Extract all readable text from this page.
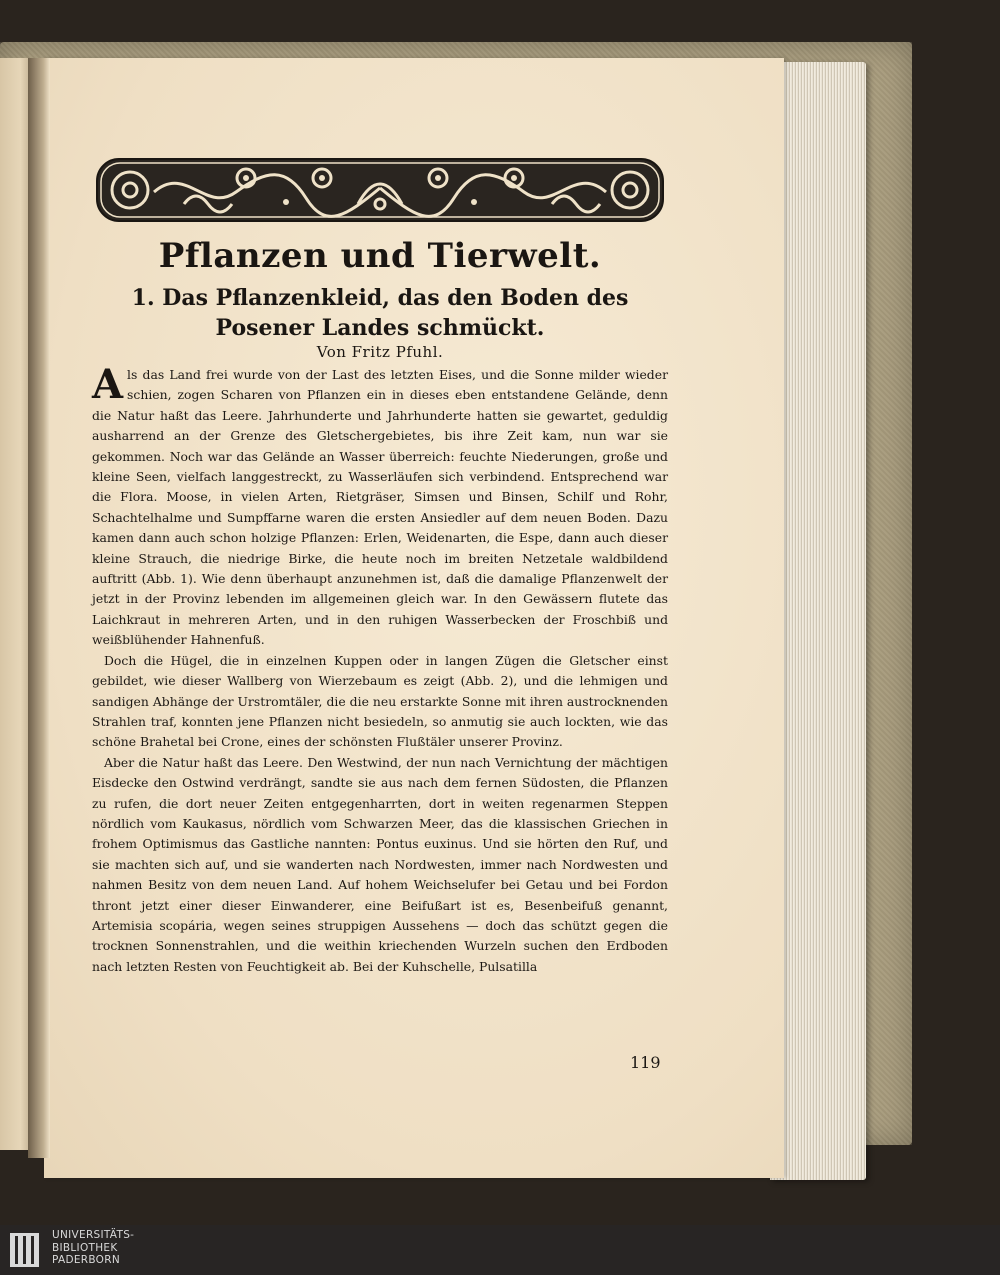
Pflanzen und Tierwelt.
1. Das Pflanzenkleid, das den Boden des
Posener Landes schmückt.
Von Fritz Pfuhl.

Als das Land frei wurde von der Last des letzten Eises, und die Sonne milder wieder schien, zogen Scharen von Pflanzen ein in dieses eben entstandene Gelände, denn die Natur haßt das Leere. Jahrhunderte und Jahrhunderte hatten sie gewartet, geduldig ausharrend an der Grenze des Gletschergebietes, bis ihre Zeit kam, nun war sie gekommen. Noch war das Gelände an Wasser überreich: feuchte Niederungen, große und kleine Seen, vielfach langgestreckt, zu Wasserläufen sich verbindend. Entsprechend war die Flora. Moose, in vielen Arten, Rietgräser, Simsen und Binsen, Schilf und Rohr, Schachtelhalme und Sumpffarne waren die ersten Ansiedler auf dem neuen Boden. Dazu kamen dann auch schon holzige Pflanzen: Erlen, Weidenarten, die Espe, dann auch dieser kleine Strauch, die niedrige Birke, die heute noch im breiten Netzetale waldbildend auftritt (Abb. 1). Wie denn überhaupt anzunehmen ist, daß die damalige Pflanzenwelt der jetzt in der Provinz lebenden im allgemeinen gleich war. In den Gewässern flutete das Laichkraut in mehreren Arten, und in den ruhigen Wasserbecken der Froschbiß und weißblühender Hahnenfuß.

Doch die Hügel, die in einzelnen Kuppen oder in langen Zügen die Gletscher einst gebildet, wie dieser Wallberg von Wierzebaum es zeigt (Abb. 2), und die lehmigen und sandigen Abhänge der Urstromtäler, die die neu erstarkte Sonne mit ihren austrocknenden Strahlen traf, konnten jene Pflanzen nicht besiedeln, so anmutig sie auch lockten, wie das schöne Brahetal bei Crone, eines der schönsten Flußtäler unserer Provinz.

Aber die Natur haßt das Leere. Den Westwind, der nun nach Vernichtung der mächtigen Eisdecke den Ostwind verdrängt, sandte sie aus nach dem fernen Südosten, die Pflanzen zu rufen, die dort neuer Zeiten entgegenharrten, dort in weiten regenarmen Steppen nördlich vom Kaukasus, nördlich vom Schwarzen Meer, das die klassischen Griechen in frohem Optimismus das Gastliche nannten: Pontus euxinus. Und sie hörten den Ruf, und sie machten sich auf, und sie wanderten nach Nordwesten, immer nach Nordwesten und nahmen Besitz von dem neuen Land. Auf hohem Weichselufer bei Getau und bei Fordon thront jetzt einer dieser Einwanderer, eine Beifußart ist es, Besenbeifuß genannt, Artemisia scopária, wegen seines struppigen Aussehens — doch das schützt gegen die trocknen Sonnenstrahlen, und die weithin kriechenden Wurzeln suchen den Erdboden nach letzten Resten von Feuchtigkeit ab. Bei der Kuhschelle, Pulsatilla

119
UNIVERSITÄTS-
BIBLIOTHEK
PADERBORN
